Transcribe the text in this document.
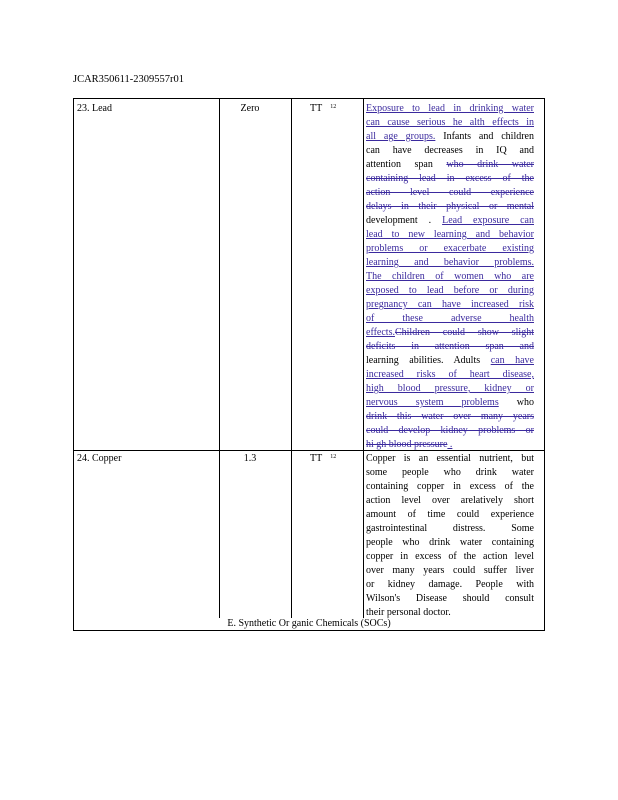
JCAR350611-2309557r01
23. Lead	Zero	TT $^{12}$	Exposure to lead in drinking water
can cause serious he alth effects in
all age groups. Infants and children
can have decreases in IQ and
attention span who drink water
containing lead in excess of the
action level could experience
delays in their physical or mental
development . Lead exposure can
lead to new learning and behavior
problems or exacerbate existing
learning and behavior problems.
The children of women who are
exposed to lead before or during
pregnancy can have increased risk
of these adverse health
effects.Children could show slight
deficits in attention span and
learning abilities. Adults can have
increased risks of heart disease,
high blood pressure, kidney or
nervous system problems who
drink this water over many years
could develop kidney problems or
hi gh blood pressure .
24. Copper	1.3	TT $^{12}$	Copper is an essential nutrient, but
some people who drink water
containing copper in excess of the
action level over arelatively short
amount of time could experience
gastrointestinal distress. Some
people who drink water containing
copper in excess of the action level
over many years could suffer liver
or kidney damage. People with
Wilson's Disease should consult
their personal doctor.
E. Synthetic Or ganic Chemicals (SOCs)
